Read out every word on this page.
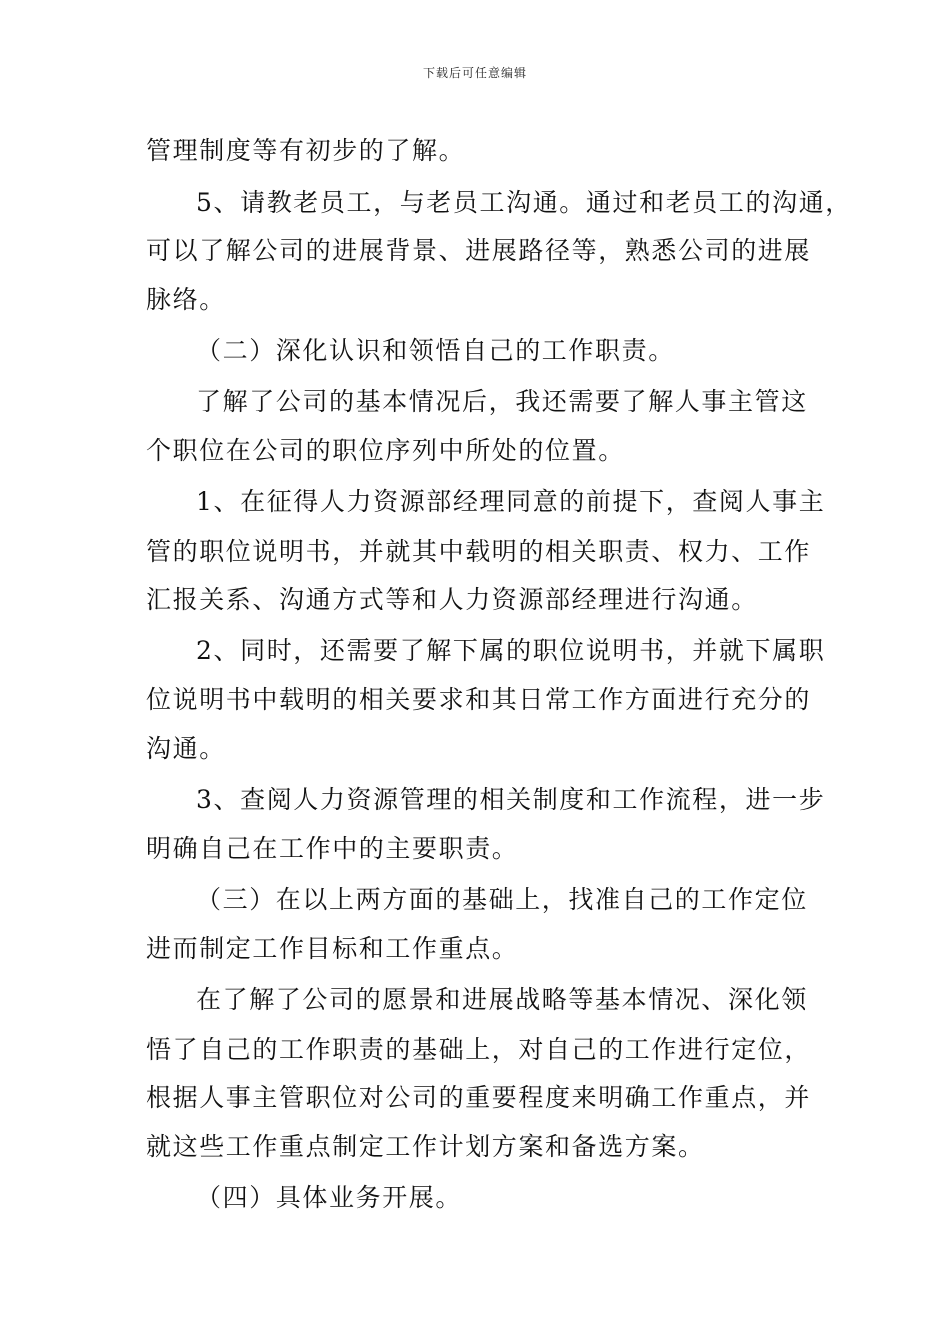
下载后可任意编辑
管理制度等有初步的了解。
5、请教老员工，与老员工沟通。通过和老员工的沟通，
可以了解公司的进展背景、进展路径等，熟悉公司的进展
脉络。
（二）深化认识和领悟自己的工作职责。
了解了公司的基本情况后，我还需要了解人事主管这
个职位在公司的职位序列中所处的位置。
1、在征得人力资源部经理同意的前提下，查阅人事主
管的职位说明书，并就其中载明的相关职责、权力、工作
汇报关系、沟通方式等和人力资源部经理进行沟通。
2、同时，还需要了解下属的职位说明书，并就下属职
位说明书中载明的相关要求和其日常工作方面进行充分的
沟通。
3、查阅人力资源管理的相关制度和工作流程，进一步
明确自己在工作中的主要职责。
（三）在以上两方面的基础上，找准自己的工作定位
进而制定工作目标和工作重点。
在了解了公司的愿景和进展战略等基本情况、深化领
悟了自己的工作职责的基础上，对自己的工作进行定位，
根据人事主管职位对公司的重要程度来明确工作重点，并
就这些工作重点制定工作计划方案和备选方案。
（四）具体业务开展。
